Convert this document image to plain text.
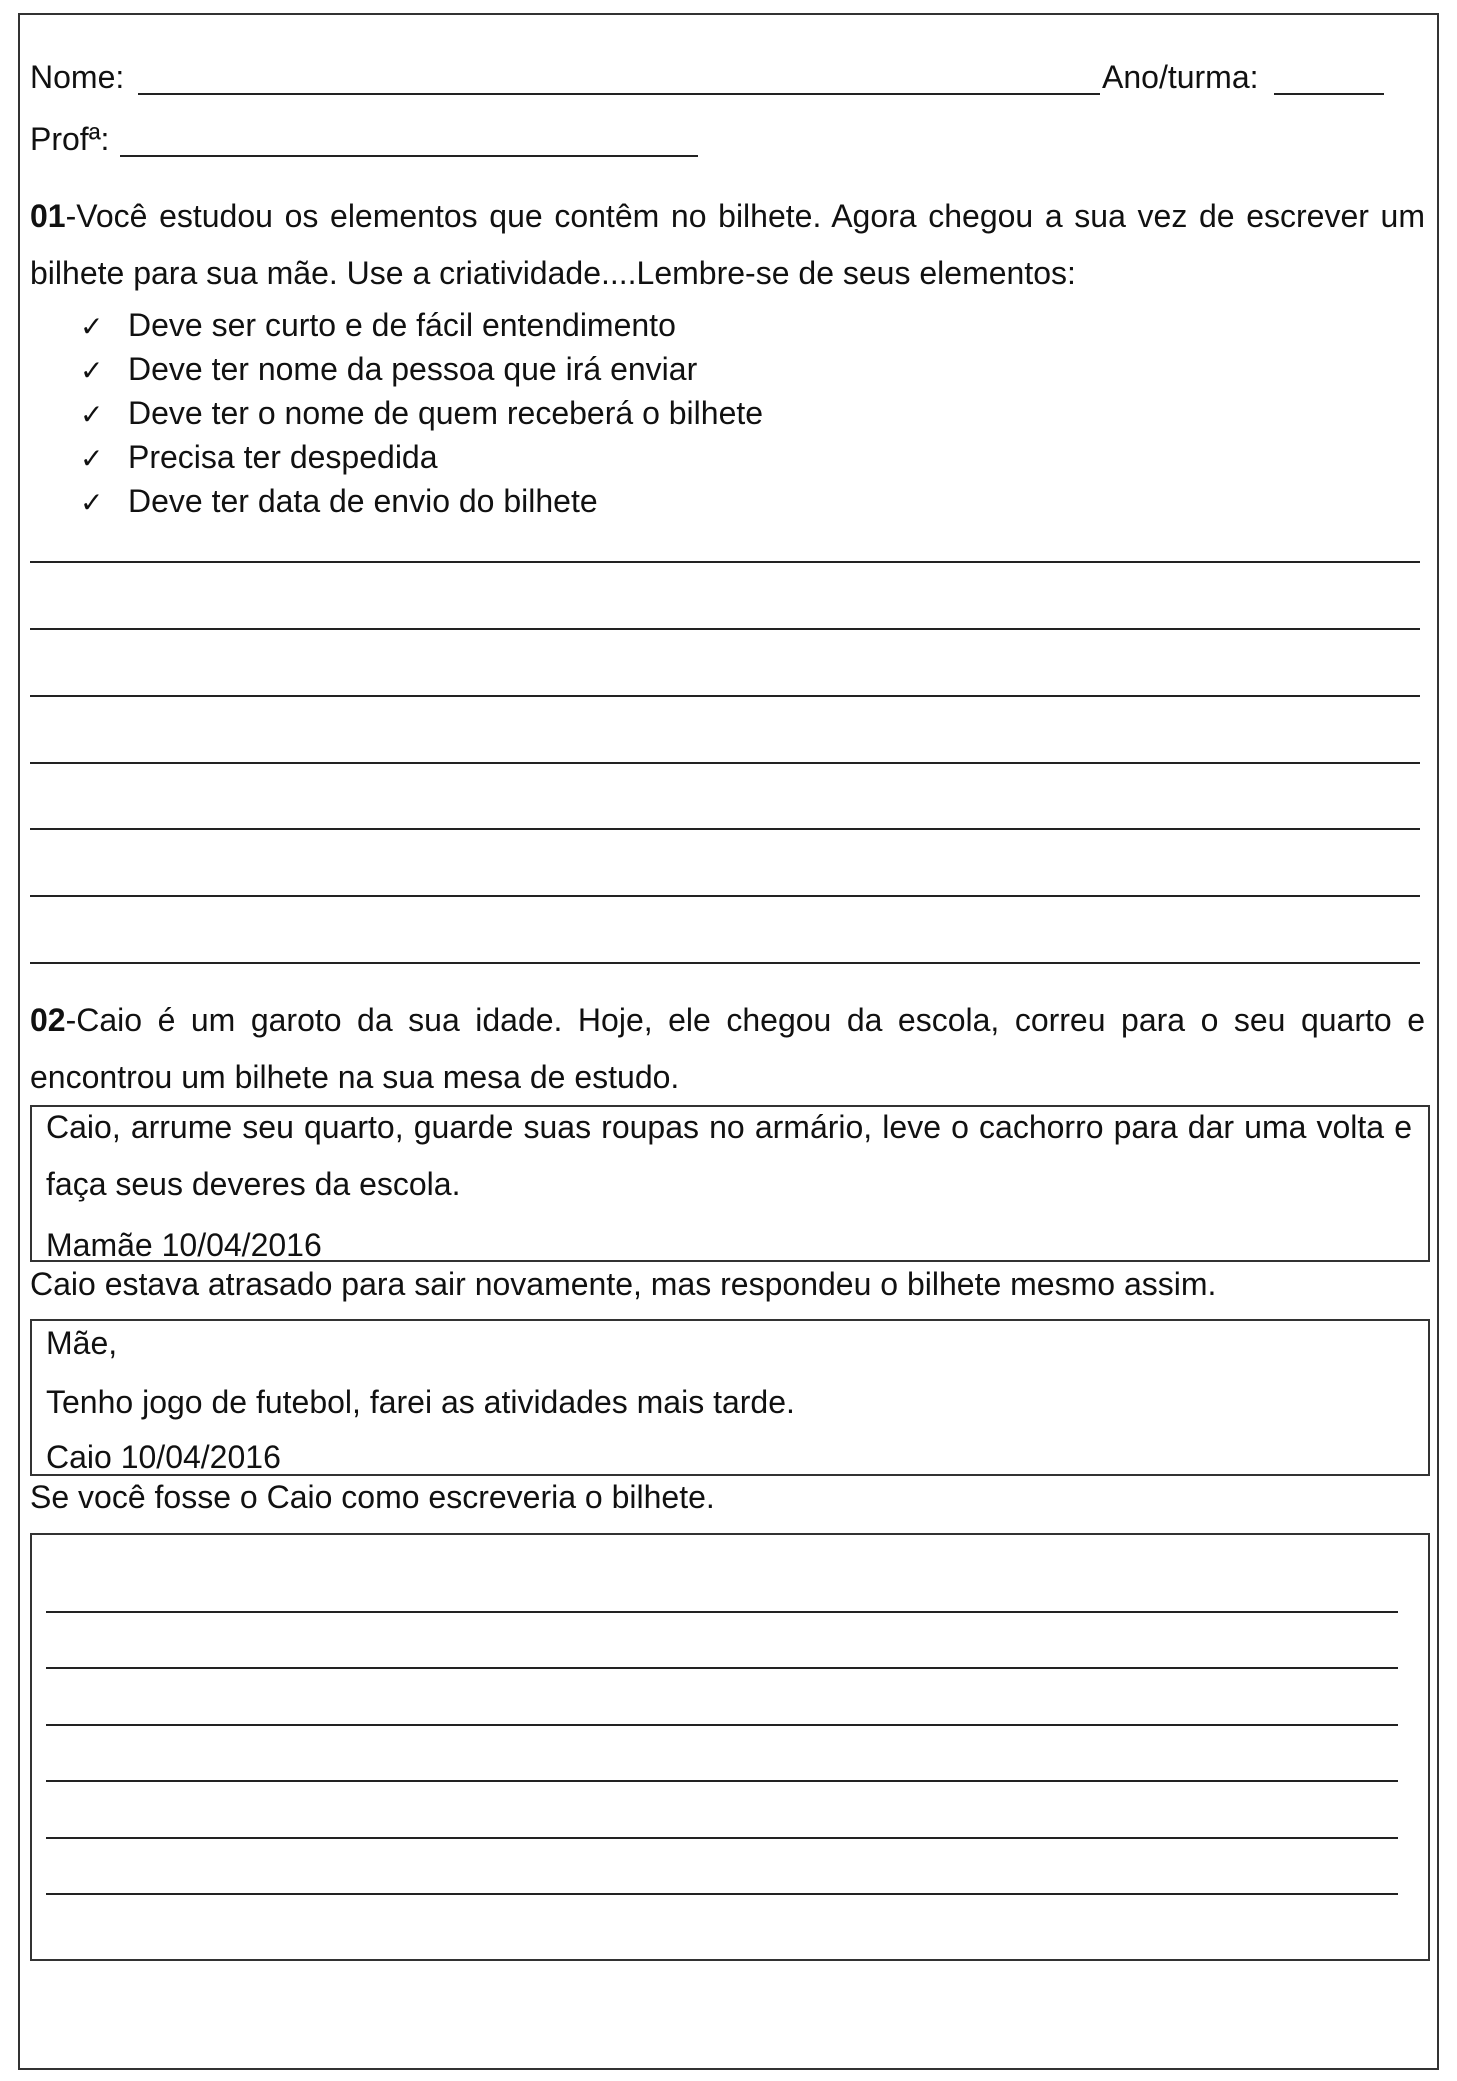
Nome:	Ano/turma:
Profª:
01-Você estudou os elementos que contêm no bilhete. Agora chegou a sua vez de escrever um bilhete para sua mãe. Use a criatividade....Lembre-se de seus elementos:
✓ Deve ser curto e de fácil entendimento
✓ Deve ter nome da pessoa que irá enviar
✓ Deve ter o nome de quem receberá o bilhete
✓ Precisa ter despedida
✓ Deve ter data de envio do bilhete
02-Caio é um garoto da sua idade. Hoje, ele chegou da escola, correu para o seu quarto e encontrou um bilhete na sua mesa de estudo.
Caio, arrume seu quarto, guarde suas roupas no armário, leve o cachorro para dar uma volta e faça seus deveres da escola.
Mamãe 10/04/2016
Caio estava atrasado para sair novamente, mas respondeu o bilhete mesmo assim.
Mãe,
Tenho jogo de futebol, farei as atividades mais tarde.
Caio 10/04/2016
Se você fosse o Caio como escreveria o bilhete.
